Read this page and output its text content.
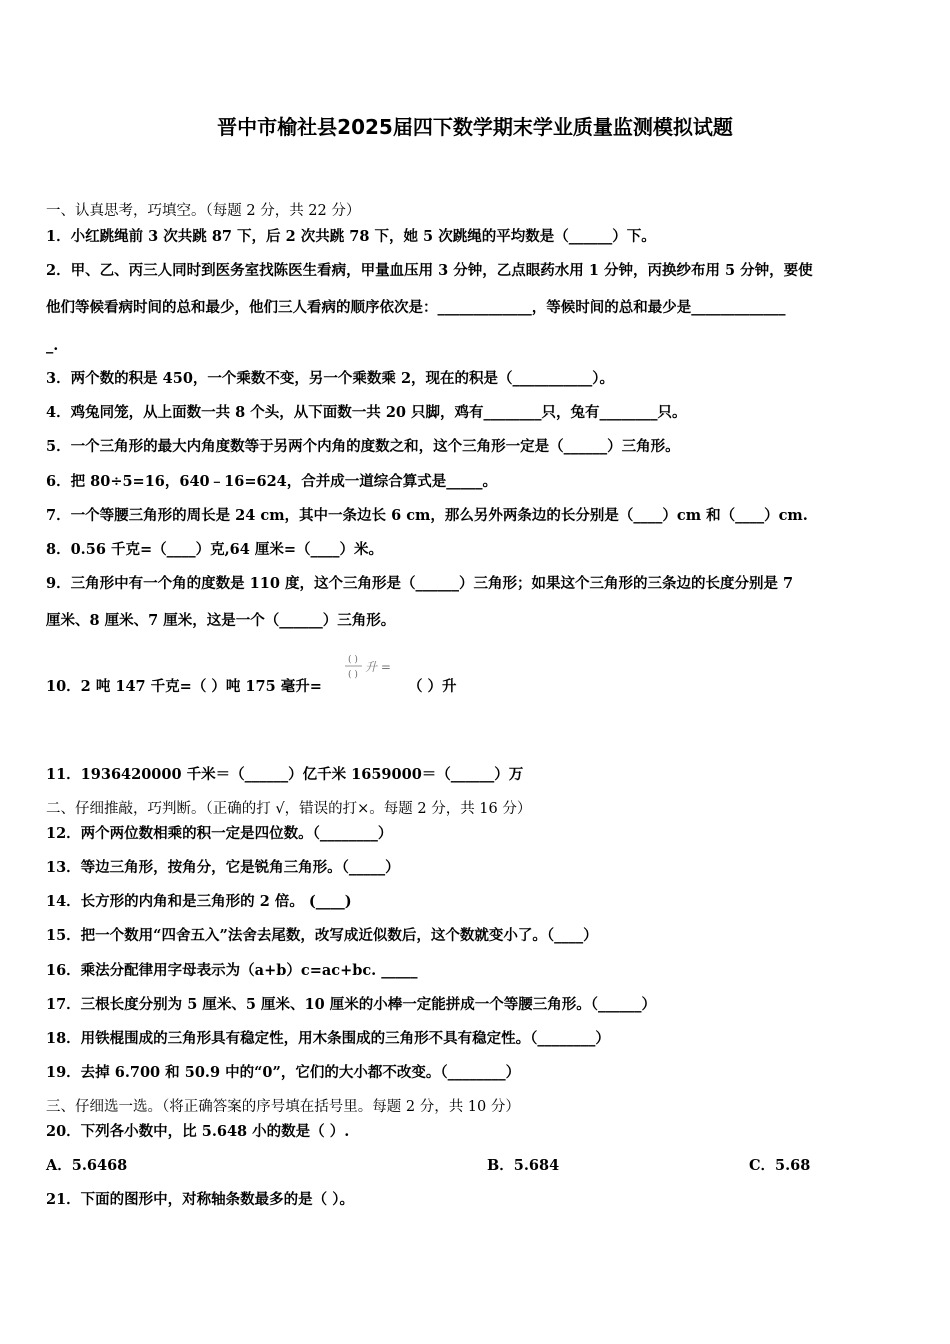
晋中市榆社县2025届四下数学期末学业质量监测模拟试题
一、认真思考，巧填空。（每题 2 分，共 22 分）
1．小红跳绳前 3 次共跳 87 下，后 2 次共跳 78 下，她 5 次跳绳的平均数是（______）下。
2．甲、乙、丙三人同时到医务室找陈医生看病，甲量血压用 3 分钟，乙点眼药水用 1 分钟，丙换纱布用 5 分钟，要使
他们等候看病时间的总和最少，他们三人看病的顺序依次是：_____________，等候时间的总和最少是_____________
_.
3．两个数的积是 450，一个乘数不变，另一个乘数乘 2，现在的积是（___________）。
4．鸡兔同笼，从上面数一共 8 个头，从下面数一共 20 只脚，鸡有________只，兔有________只。
5．一个三角形的最大内角度数等于另两个内角的度数之和，这个三角形一定是（______）三角形。
6．把 80÷5=16，640﹣16=624，合并成一道综合算式是_____。
7．一个等腰三角形的周长是 24 cm，其中一条边长 6 cm，那么另外两条边的长分别是（____）cm 和（____）cm.
8．0.56 千克=（____）克,64 厘米=（____）米。
9．三角形中有一个角的度数是 110 度，这个三角形是（______）三角形；如果这个三角形的三条边的长度分别是 7
厘米、8 厘米、7 厘米，这是一个（______）三角形。
10．2 吨 147 千克=（ ）吨 175 毫升=
( )
( )
升 =
（ ）升
11．1936420000 千米＝（______）亿千米 1659000＝（______）万
二、仔细推敲，巧判断。（正确的打 √，错误的打×。每题 2 分，共 16 分）
12．两个两位数相乘的积一定是四位数。（________）
13．等边三角形，按角分，它是锐角三角形。（_____）
14．长方形的内角和是三角形的 2 倍。 (____)
15．把一个数用“四舍五入”法舍去尾数，改写成近似数后，这个数就变小了。（____）
16．乘法分配律用字母表示为（a+b）c=ac+bc. _____
17．三根长度分别为 5 厘米、5 厘米、10 厘米的小棒一定能拼成一个等腰三角形。（______）
18．用铁棍围成的三角形具有稳定性，用木条围成的三角形不具有稳定性。（________）
19．去掉 6.700 和 50.9 中的“0”，它们的大小都不改变。（________）
三、仔细选一选。（将正确答案的序号填在括号里。每题 2 分，共 10 分）
20．下列各小数中，比 5.648 小的数是（ ）.
A．5.6468	B．5.684	C．5.68
21．下面的图形中，对称轴条数最多的是（ ）。
